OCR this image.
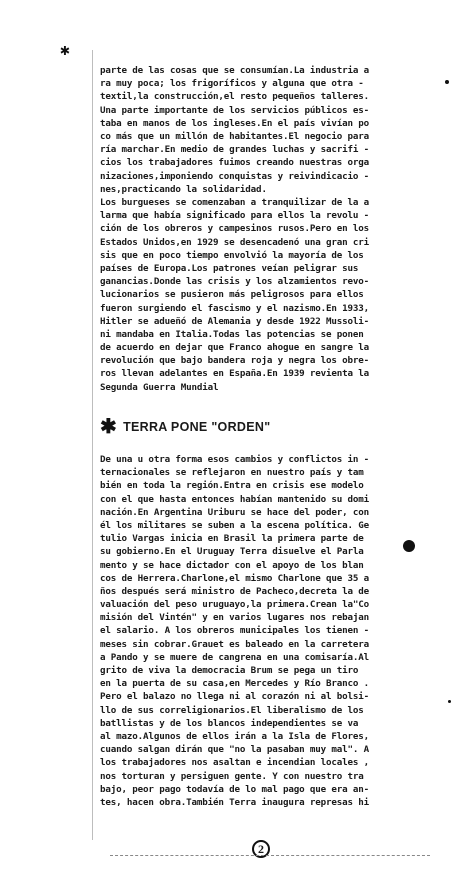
✱
parte de las cosas que se consumían.La industria a
ra muy poca; los frigoríficos y alguna que otra -
textil,la construcción,el resto pequeños talleres.
Una parte importante de los servicios públicos es-
taba en manos de los ingleses.En el país vivían po
co más que un millón de habitantes.El negocio para
ría marchar.En medio de grandes luchas y sacrifi -
cios los trabajadores fuimos creando nuestras orga
nizaciones,imponiendo conquistas y reivindicacio -
nes,practicando la solidaridad.
Los burgueses se comenzaban a tranquilizar de la a
larma que había significado para ellos la revolu -
ción de los obreros y campesinos rusos.Pero en los
Estados Unidos,en 1929 se desencadenó una gran cri
sis que en poco tiempo envolvió la mayoría de los
países de Europa.Los patrones veían peligrar sus
ganancias.Donde las crisis y los alzamientos revo-
lucionarios se pusieron más peligrosos para ellos
fueron surgiendo el fascismo y el nazismo.En 1933,
Hitler se adueñó de Alemania y desde 1922 Mussoli-
ni mandaba en Italia.Todas las potencias se ponen
de acuerdo en dejar que Franco ahogue en sangre la
revolución que bajo bandera roja y negra los obre-
ros llevan adelantes en España.En 1939 revienta la
Segunda Guerra Mundial
✱ TERRA PONE "ORDEN"
De una u otra forma esos cambios y conflictos in -
ternacionales se reflejaron en nuestro país y tam
bién en toda la región.Entra en crisis ese modelo
con el que hasta entonces habían mantenido su domi
nación.En Argentina Uriburu se hace del poder, con
él los militares se suben a la escena política. Ge
tulio Vargas inicia en Brasil la primera parte de
su gobierno.En el Uruguay Terra disuelve el Parla
mento y se hace dictador con el apoyo de los blan
cos de Herrera.Charlone,el mismo Charlone que 35 a
ños después será ministro de Pacheco,decreta la de
valuación del peso uruguayo,la primera.Crean la"Co
misión del Vintén" y en varios lugares nos rebajan
el salario. A los obreros municipales los tienen -
meses sin cobrar.Grauet es baleado en la carretera
a Pando y se muere de cangrena en una comisaría.Al
grito de viva la democracia Brum se pega un tiro
en la puerta de su casa,en Mercedes y Río Branco .
Pero el balazo no llega ni al corazón ni al bolsi-
llo de sus correligionarios.El liberalismo de los
batllistas y de los blancos independientes se va
al mazo.Algunos de ellos irán a la Isla de Flores,
cuando salgan dirán que "no la pasaban muy mal". A
los trabajadores nos asaltan e incendian locales ,
nos torturan y persiguen gente. Y con nuestro tra
bajo, peor pago todavía de lo mal pago que era an-
tes, hacen obra.También Terra inaugura represas hi
2
